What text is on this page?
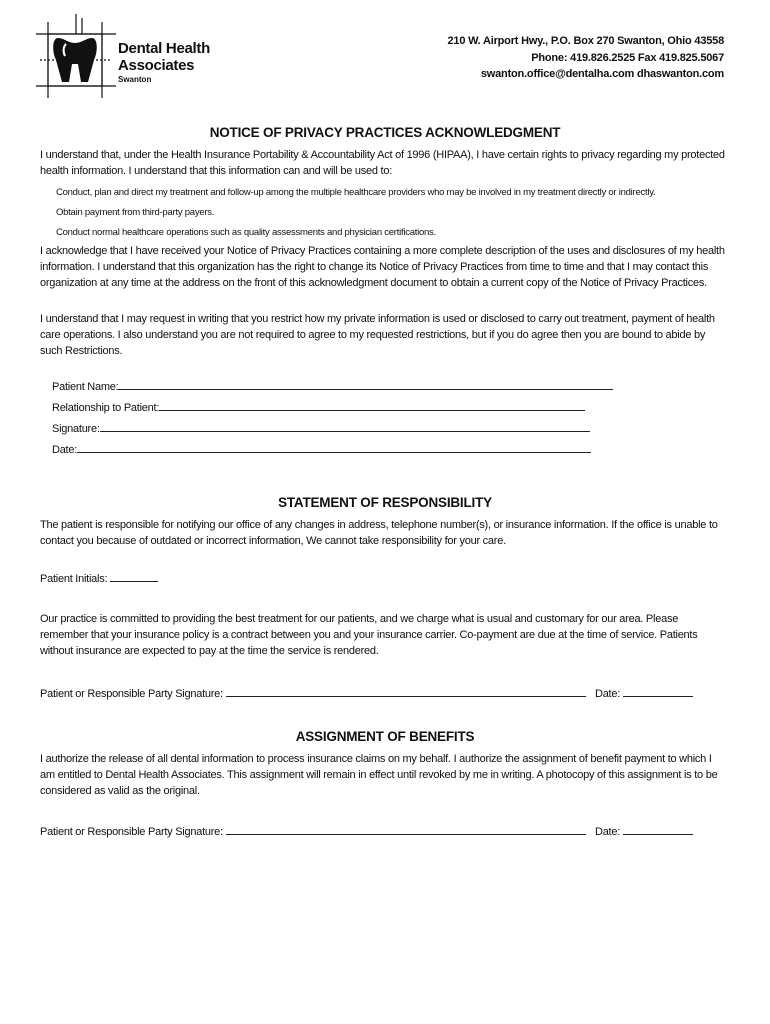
Dental Health
Associates
Swanton
210 W. Airport Hwy., P.O. Box 270 Swanton, Ohio 43558
Phone: 419.826.2525 Fax 419.825.5067
swanton.office@dentalha.com dhaswanton.com
NOTICE OF PRIVACY PRACTICES ACKNOWLEDGMENT

I understand that, under the Health Insurance Portability & Accountability Act of 1996 (HIPAA), I have certain rights to privacy regarding my protected health information. I understand that this information can and will be used to:

Conduct, plan and direct my treatment and follow-up among the multiple healthcare providers who may be involved in my treatment directly or indirectly.

Obtain payment from third-party payers.

Conduct normal healthcare operations such as quality assessments and physician certifications.

I acknowledge that I have received your Notice of Privacy Practices containing a more complete description of the uses and disclosures of my health information. I understand that this organization has the right to change its Notice of Privacy Practices from time to time and that I may contact this organization at any time at the address on the front of this acknowledgment document to obtain a current copy of the Notice of Privacy Practices.

I understand that I may request in writing that you restrict how my private information is used or disclosed to carry out treatment, payment of health care operations. I also understand you are not required to agree to my requested restrictions, but if you do agree then you are bound to abide by such Restrictions.

Patient Name:
Relationship to Patient:
Signature:
Date:
STATEMENT OF RESPONSIBILITY

The patient is responsible for notifying our office of any changes in address, telephone number(s), or insurance information. If the office is unable to contact you because of outdated or incorrect information, We cannot take responsibility for your care.

Patient Initials:

Our practice is committed to providing the best treatment for our patients, and we charge what is usual and customary for our area. Please remember that your insurance policy is a contract between you and your insurance carrier. Co-payment are due at the time of service. Patients without insurance are expected to pay at the time the service is rendered.

Patient or Responsible Party Signature:	Date:
ASSIGNMENT OF BENEFITS

I authorize the release of all dental information to process insurance claims on my behalf. I authorize the assignment of benefit payment to which I am entitled to Dental Health Associates. This assignment will remain in effect until revoked by me in writing. A photocopy of this assignment is to be considered as valid as the original.

Patient or Responsible Party Signature:	Date:
